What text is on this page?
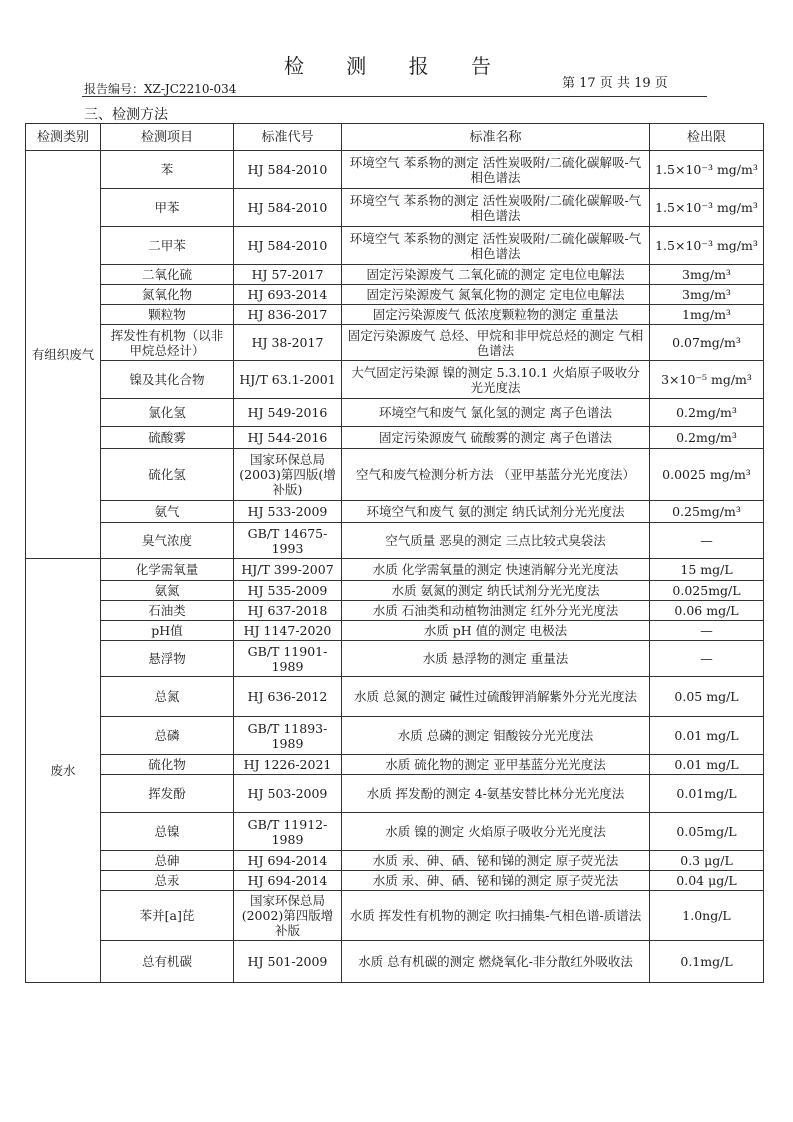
检 测 报 告
报告编号：XZ-JC2210-034	第 17 页 共 19 页
三、检测方法
检测类别	检测项目	标准代号	标准名称	检出限
有组织废气	苯	HJ 584-2010	环境空气 苯系物的测定 活性炭吸附/二硫化碳解吸-气相色谱法	1.5×10⁻³ mg/m³
	甲苯	HJ 584-2010	环境空气 苯系物的测定 活性炭吸附/二硫化碳解吸-气相色谱法	1.5×10⁻³ mg/m³
	二甲苯	HJ 584-2010	环境空气 苯系物的测定 活性炭吸附/二硫化碳解吸-气相色谱法	1.5×10⁻³ mg/m³
	二氧化硫	HJ 57-2017	固定污染源废气 二氧化硫的测定 定电位电解法	3mg/m³
	氮氧化物	HJ 693-2014	固定污染源废气 氮氧化物的测定 定电位电解法	3mg/m³
	颗粒物	HJ 836-2017	固定污染源废气 低浓度颗粒物的测定 重量法	1mg/m³
	挥发性有机物（以非甲烷总烃计）	HJ 38-2017	固定污染源废气 总烃、甲烷和非甲烷总烃的测定 气相色谱法	0.07mg/m³
	镍及其化合物	HJ/T 63.1-2001	大气固定污染源 镍的测定 5.3.10.1 火焰原子吸收分光光度法	3×10⁻⁵ mg/m³
	氯化氢	HJ 549-2016	环境空气和废气 氯化氢的测定 离子色谱法	0.2mg/m³
	硫酸雾	HJ 544-2016	固定污染源废气 硫酸雾的测定 离子色谱法	0.2mg/m³
	硫化氢	国家环保总局(2003)第四版(增补版)	空气和废气检测分析方法 （亚甲基蓝分光光度法）	0.0025 mg/m³
	氨气	HJ 533-2009	环境空气和废气 氨的测定 纳氏试剂分光光度法	0.25mg/m³
	臭气浓度	GB/T 14675-1993	空气质量 恶臭的测定 三点比较式臭袋法	—
废水	化学需氧量	HJ/T 399-2007	水质 化学需氧量的测定 快速消解分光光度法	15 mg/L
	氨氮	HJ 535-2009	水质 氨氮的测定 纳氏试剂分光光度法	0.025mg/L
	石油类	HJ 637-2018	水质 石油类和动植物油测定 红外分光光度法	0.06 mg/L
	pH值	HJ 1147-2020	水质 pH 值的测定 电极法	—
	悬浮物	GB/T 11901-1989	水质 悬浮物的测定 重量法	—
	总氮	HJ 636-2012	水质 总氮的测定 碱性过硫酸钾消解紫外分光光度法	0.05 mg/L
	总磷	GB/T 11893-1989	水质 总磷的测定 钼酸铵分光光度法	0.01 mg/L
	硫化物	HJ 1226-2021	水质 硫化物的测定 亚甲基蓝分光光度法	0.01 mg/L
	挥发酚	HJ 503-2009	水质 挥发酚的测定 4-氨基安替比林分光光度法	0.01mg/L
	总镍	GB/T 11912-1989	水质 镍的测定 火焰原子吸收分光光度法	0.05mg/L
	总砷	HJ 694-2014	水质 汞、砷、硒、铋和锑的测定 原子荧光法	0.3 μg/L
	总汞	HJ 694-2014	水质 汞、砷、硒、铋和锑的测定 原子荧光法	0.04 μg/L
	苯并[a]芘	国家环保总局(2002)第四版增补版	水质 挥发性有机物的测定 吹扫捕集-气相色谱-质谱法	1.0ng/L
	总有机碳	HJ 501-2009	水质 总有机碳的测定 燃烧氧化-非分散红外吸收法	0.1mg/L
